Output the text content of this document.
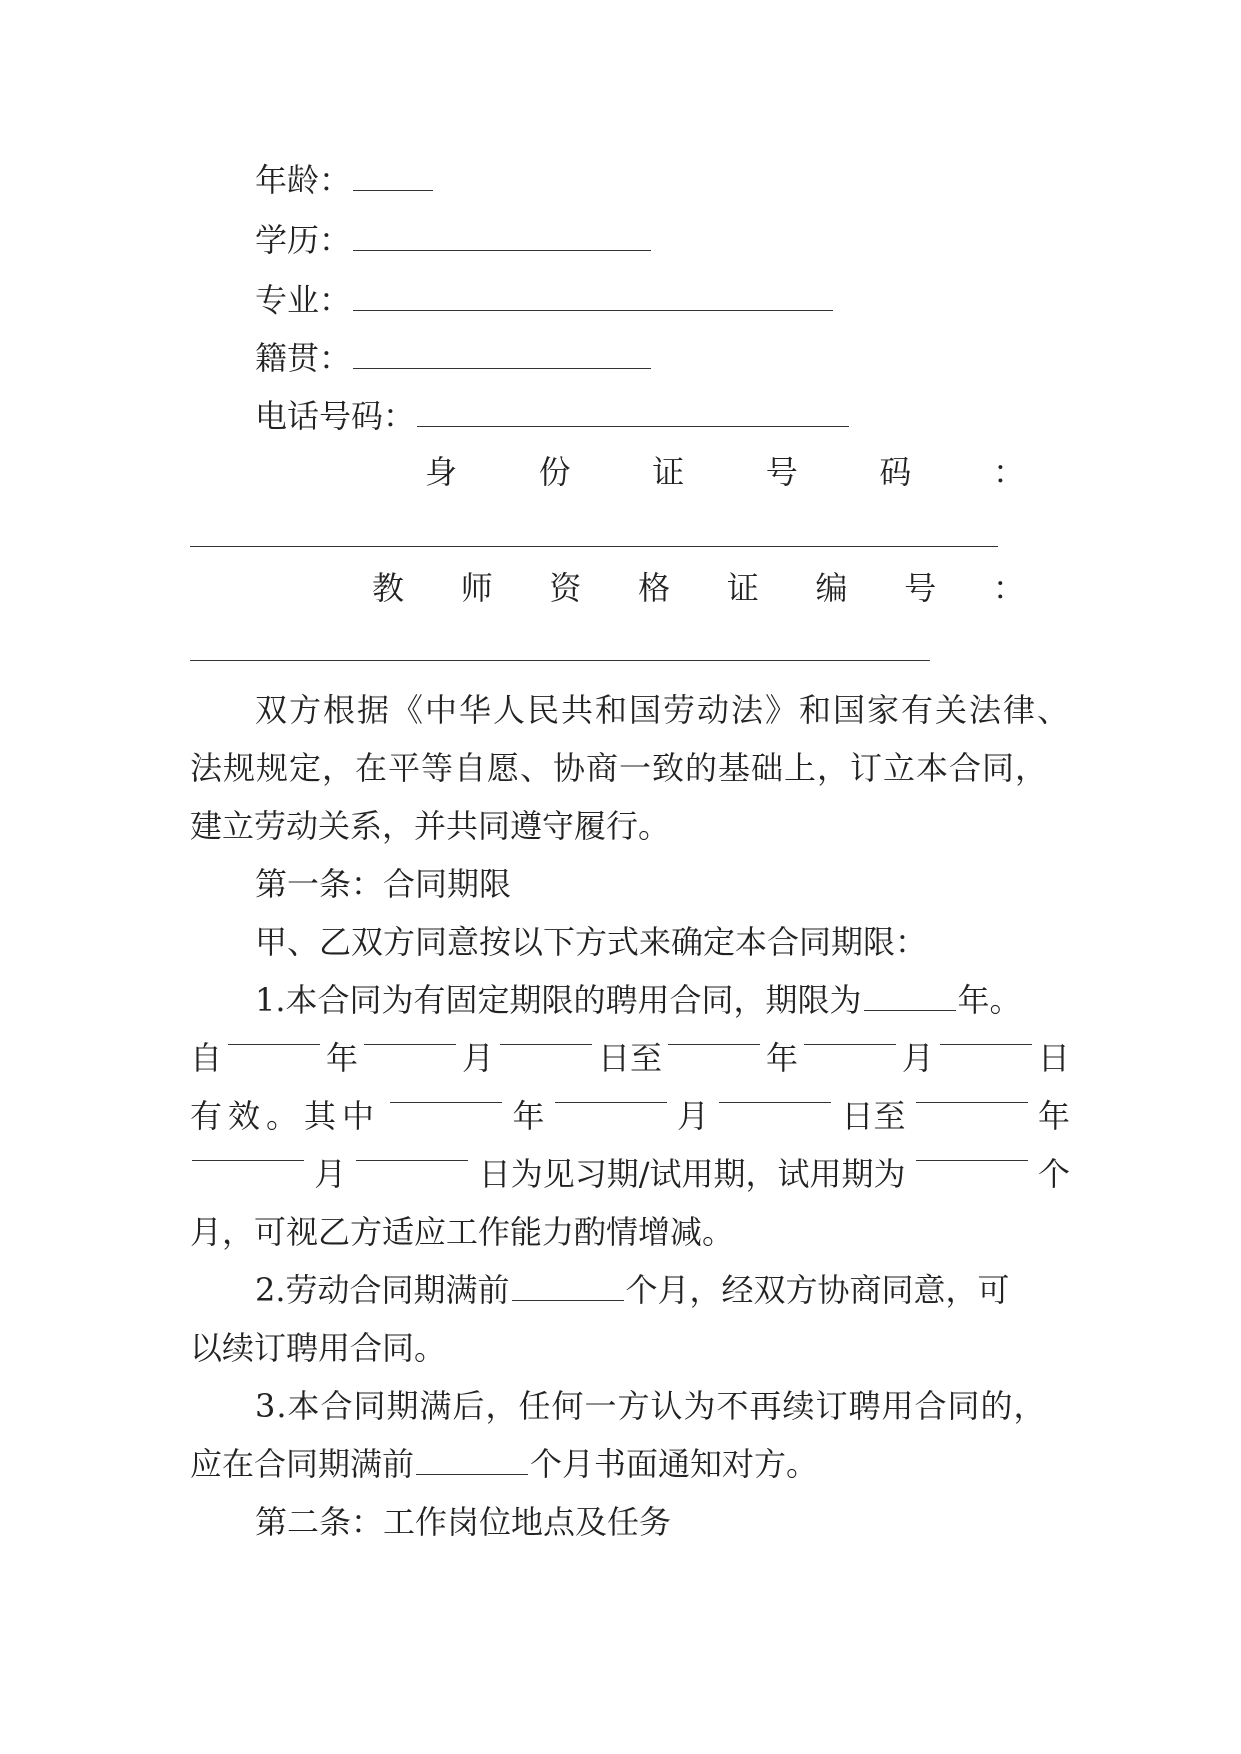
年龄：
学历：
专业：
籍贯：
电话号码：
身	份	证	号	码	：
教 师 资 格 证 编 号 ：
双方根据《中华人民共和国劳动法》和国家有关法律、
法规规定，在平等自愿、协商一致的基础上，订立本合同，
建立劳动关系，并共同遵守履行。
第一条：合同期限
甲、乙双方同意按以下方式来确定本合同期限：
1.本合同为有固定期限的聘用合同，期限为	年。
自	年	月	日至	年	月	日
有效。其中	年	月	日至	年
月	日为见习期/试用期，试用期为	个
月，可视乙方适应工作能力酌情增减。
2.劳动合同期满前	个月，经双方协商同意，可
以续订聘用合同。
3.本合同期满后，任何一方认为不再续订聘用合同的，
应在合同期满前	个月书面通知对方。
第二条：工作岗位地点及任务
